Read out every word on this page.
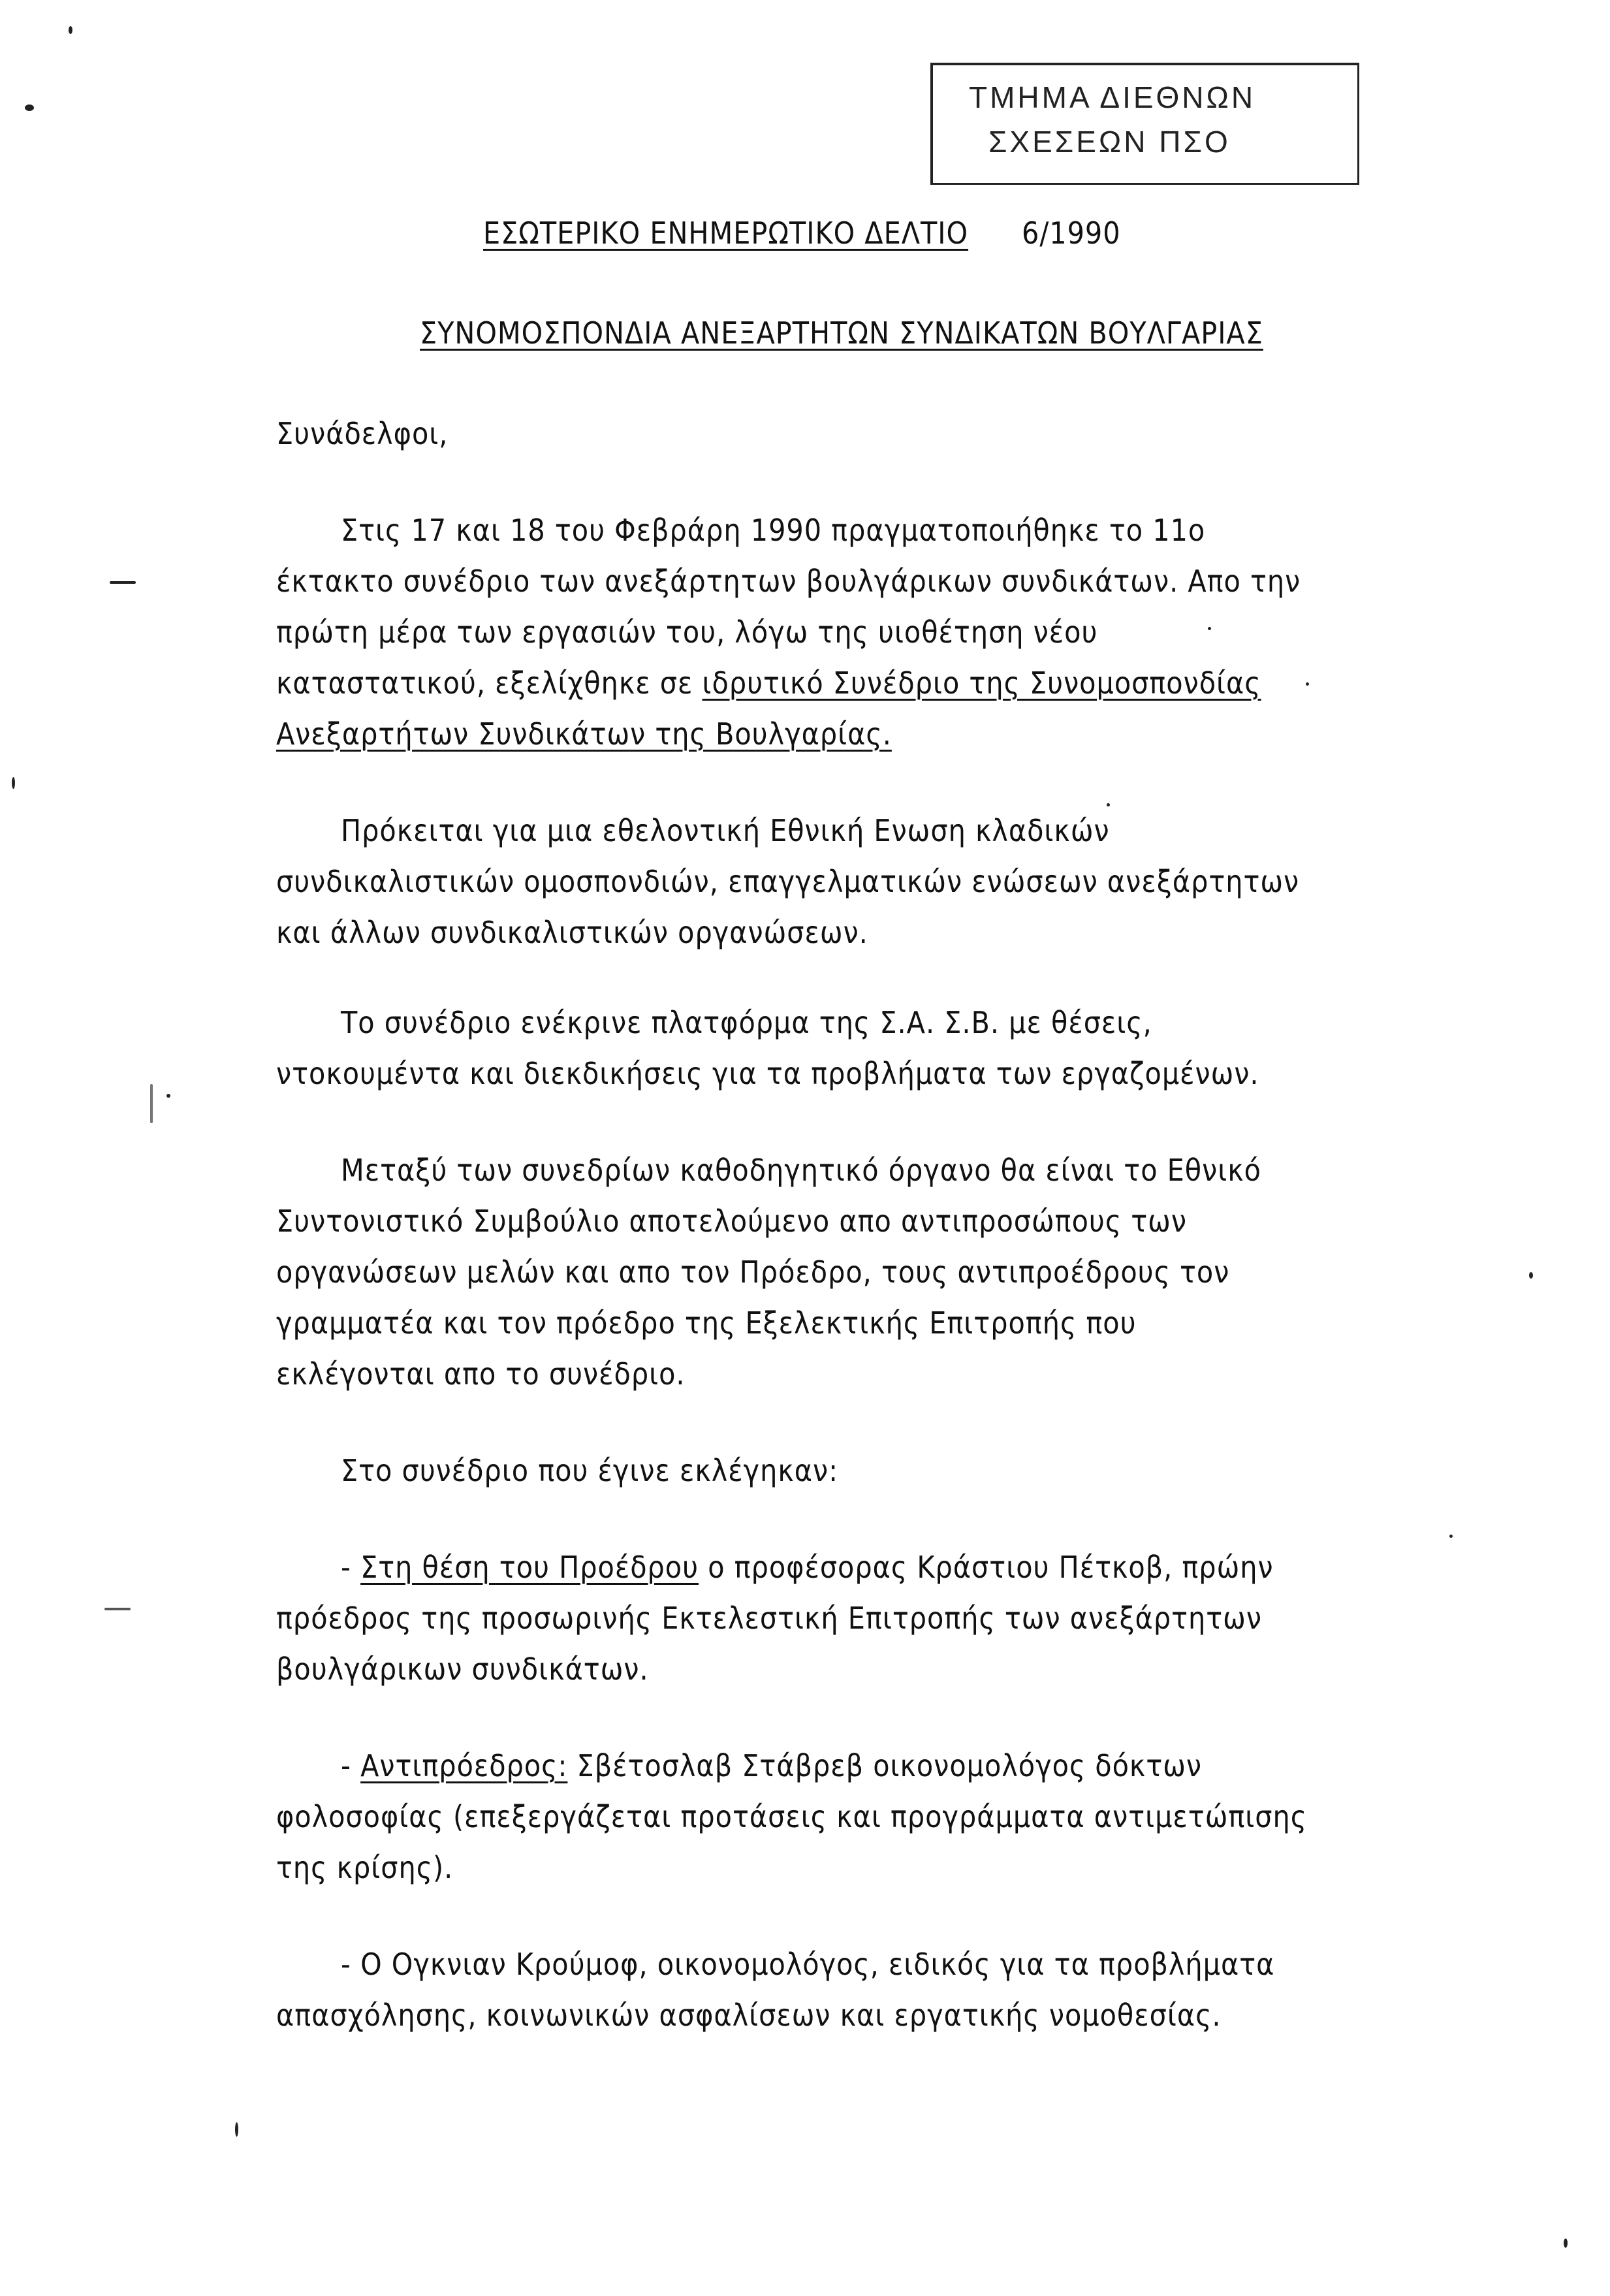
ΤΜΗΜΑ ΔΙΕΘΝΩΝ
ΣΧΕΣΕΩΝ ΠΣΟ
ΕΣΩΤΕΡΙΚΟ ΕΝΗΜΕΡΩΤΙΚΟ ΔΕΛΤΙΟ 6/1990
ΣΥΝΟΜΟΣΠΟΝΔΙΑ ΑΝΕΞΑΡΤΗΤΩΝ ΣΥΝΔΙΚΑΤΩΝ ΒΟΥΛΓΑΡΙΑΣ
Συνάδελφοι,
Στις 17 και 18 του Φεβράρη 1990 πραγματοποιήθηκε το 11ο
έκτακτο συνέδριο των ανεξάρτητων βουλγάρικων συνδικάτων. Απο την
πρώτη μέρα των εργασιών του, λόγω της υιοθέτηση νέου
καταστατικού, εξελίχθηκε σε ιδρυτικό Συνέδριο της Συνομοσπονδίας
Ανεξαρτήτων Συνδικάτων της Βουλγαρίας.
Πρόκειται για μια εθελοντική Εθνική Ενωση κλαδικών
συνδικαλιστικών ομοσπονδιών, επαγγελματικών ενώσεων ανεξάρτητων
και άλλων συνδικαλιστικών οργανώσεων.
Το συνέδριο ενέκρινε πλατφόρμα της Σ.Α. Σ.Β. με θέσεις,
ντοκουμέντα και διεκδικήσεις για τα προβλήματα των εργαζομένων.
Μεταξύ των συνεδρίων καθοδηγητικό όργανο θα είναι το Εθνικό
Συντονιστικό Συμβούλιο αποτελούμενο απο αντιπροσώπους των
οργανώσεων μελών και απο τον Πρόεδρο, τους αντιπροέδρους τον
γραμματέα και τον πρόεδρο της Εξελεκτικής Επιτροπής που
εκλέγονται απο το συνέδριο.
Στο συνέδριο που έγινε εκλέγηκαν:
- Στη θέση του Προέδρου ο προφέσορας Κράστιου Πέτκοβ, πρώην
πρόεδρος της προσωρινής Εκτελεστική Επιτροπής των ανεξάρτητων
βουλγάρικων συνδικάτων.
- Αντιπρόεδρος: Σβέτοσλαβ Στάβρεβ οικονομολόγος δόκτων
φολοσοφίας (επεξεργάζεται προτάσεις και προγράμματα αντιμετώπισης
της κρίσης).
- Ο Ογκνιαν Κρούμοφ, οικονομολόγος, ειδικός για τα προβλήματα
απασχόλησης, κοινωνικών ασφαλίσεων και εργατικής νομοθεσίας.
